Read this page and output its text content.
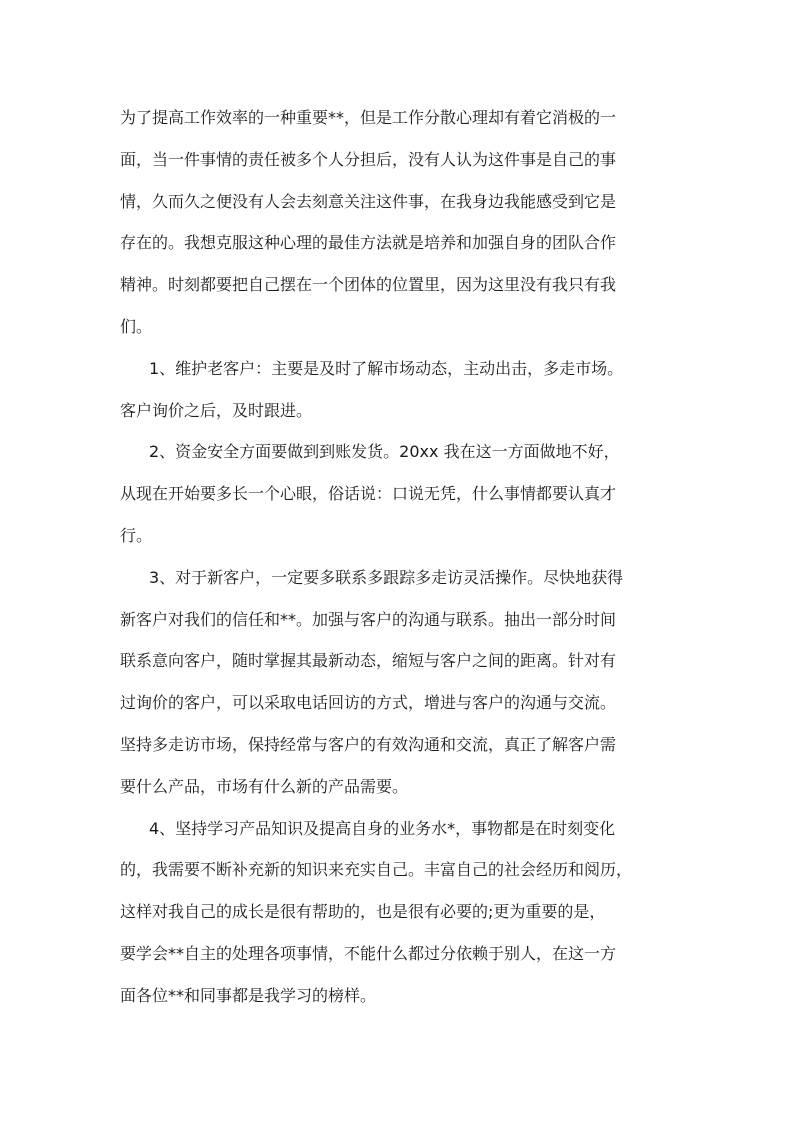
为了提高工作效率的一种重要**，但是工作分散心理却有着它消极的一
面，当一件事情的责任被多个人分担后，没有人认为这件事是自己的事
情，久而久之便没有人会去刻意关注这件事，在我身边我能感受到它是
存在的。我想克服这种心理的最佳方法就是培养和加强自身的团队合作
精神。时刻都要把自己摆在一个团体的位置里，因为这里没有我只有我
们。
1、维护老客户：主要是及时了解市场动态，主动出击，多走市场。
客户询价之后，及时跟进。
2、资金安全方面要做到到账发货。20xx 我在这一方面做地不好，
从现在开始要多长一个心眼，俗话说：口说无凭，什么事情都要认真才
行。
3、对于新客户，一定要多联系多跟踪多走访灵活操作。尽快地获得
新客户对我们的信任和**。加强与客户的沟通与联系。抽出一部分时间
联系意向客户，随时掌握其最新动态，缩短与客户之间的距离。针对有
过询价的客户，可以采取电话回访的方式，增进与客户的沟通与交流。
坚持多走访市场，保持经常与客户的有效沟通和交流，真正了解客户需
要什么产品，市场有什么新的产品需要。
4、坚持学习产品知识及提高自身的业务水*，事物都是在时刻变化
的，我需要不断补充新的知识来充实自己。丰富自己的社会经历和阅历，
这样对我自己的成长是很有帮助的，也是很有必要的;更为重要的是，
要学会**自主的处理各项事情，不能什么都过分依赖于别人，在这一方
面各位**和同事都是我学习的榜样。
